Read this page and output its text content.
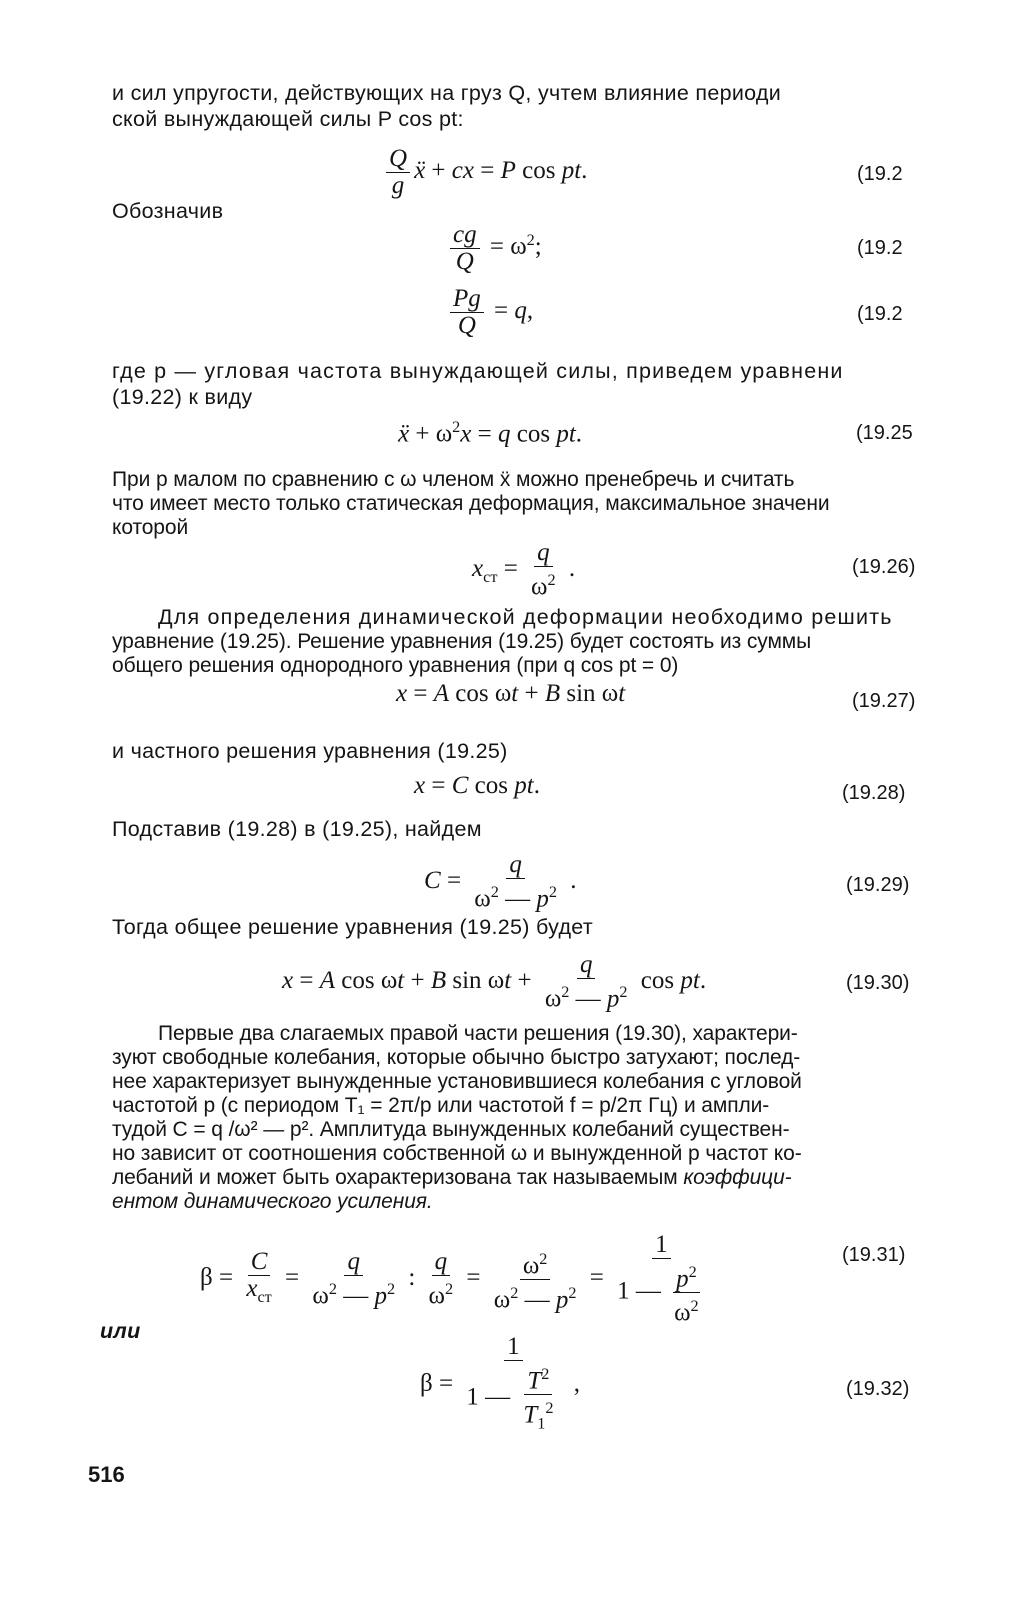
и сил упругости, действующих на груз Q, учтем влияние периоди
ской вынуждающей силы P cos pt:
$\frac{Q}{g}$ ẍ + cx = P cos pt.	(19.2
Обозначив
$\frac{cg}{Q} = \omega^2$;	(19.2
$\frac{Pg}{Q} = q$,	(19.2
где p — угловая частота вынуждающей силы, приведем уравнени
(19.22) к виду
ẍ + $\omega^2x = q$ cos pt.	(19.25
При p малом по сравнению с ω членом ẍ можно пренебречь и считать
что имеет место только статическая деформация, максимальное значени
которой
$x_{ст} = \frac{q}{\omega^2}$ .	(19.26)
Для определения динамической деформации необходимо решить
уравнение (19.25). Решение уравнения (19.25) будет состоять из суммы
общего решения однородного уравнения (при q cos pt = 0)
x = A cos ωt + B sin ωt	(19.27)
и частного решения уравнения (19.25)
x = C cos pt.	(19.28)
Подставив (19.28) в (19.25), найдем
$C = \frac{q}{\omega^2 — p^2}$ .	(19.29)
Тогда общее решение уравнения (19.25) будет
x = A cos ωt + B $\sin \omega t + \frac{q}{\omega^2 — p^2}$ cos pt.	(19.30)
Первые два слагаемых правой части решения (19.30), характери-
зуют свободные колебания, которые обычно быстро затухают; послед-
нее характеризует вынужденные установившиеся колебания с угловой
частотой p (с периодом T₁ = 2π/p или частотой f = p/2π Гц) и ампли-
тудой C = q /ω² — p². Амплитуда вынужденных колебаний существен-
но зависит от соотношения собственной ω и вынужденной p частот ко-
лебаний и может быть охарактеризована так называемым коэффици-
ентом динамического усиления.
$\beta = \frac{C}{x_{ст}} = \frac{q}{\omega^2 — p^2}$ : $\frac{q}{\omega^2} = \frac{\omega^2}{\omega^2 — p^2} = \frac{1}{1 — \frac{p^2}{\omega^2}}$	(19.31)
или
$\beta = \frac{1}{1 — \frac{T^2}{T_1^2}}$ ,	(19.32)
516
